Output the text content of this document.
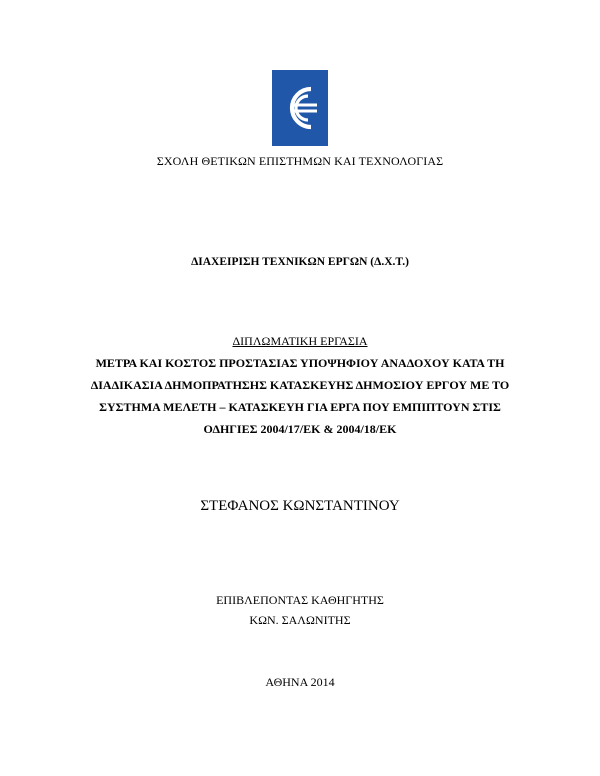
ΣΧΟΛΗ ΘΕΤΙΚΩΝ ΕΠΙΣΤΗΜΩΝ ΚΑΙ ΤΕΧΝΟΛΟΓΙΑΣ
ΔΙΑΧΕΙΡΙΣΗ ΤΕΧΝΙΚΩΝ ΕΡΓΩΝ (Δ.Χ.Τ.)
ΔΙΠΛΩΜΑΤΙΚΗ ΕΡΓΑΣΙΑ
ΜΕΤΡΑ ΚΑΙ ΚΟΣΤΟΣ ΠΡΟΣΤΑΣΙΑΣ ΥΠΟΨΗΦΙΟΥ ΑΝΑΔΟΧΟΥ ΚΑΤΑ ΤΗ
ΔΙΑΔΙΚΑΣΙΑ ΔΗΜΟΠΡΑΤΗΣΗΣ ΚΑΤΑΣΚΕΥΗΣ ΔΗΜΟΣΙΟΥ ΕΡΓΟΥ ΜΕ ΤΟ
ΣΥΣΤΗΜΑ ΜΕΛΕΤΗ – ΚΑΤΑΣΚΕΥΗ ΓΙΑ ΕΡΓΑ ΠΟΥ ΕΜΠΙΠΤΟΥΝ ΣΤΙΣ
ΟΔΗΓΙΕΣ 2004/17/ΕΚ & 2004/18/ΕΚ
ΣΤΕΦΑΝΟΣ ΚΩΝΣΤΑΝΤΙΝΟΥ
ΕΠΙΒΛΕΠΟΝΤΑΣ ΚΑΘΗΓΗΤΗΣ
ΚΩΝ. ΣΑΛΩΝΙΤΗΣ
ΑΘΗΝΑ 2014
